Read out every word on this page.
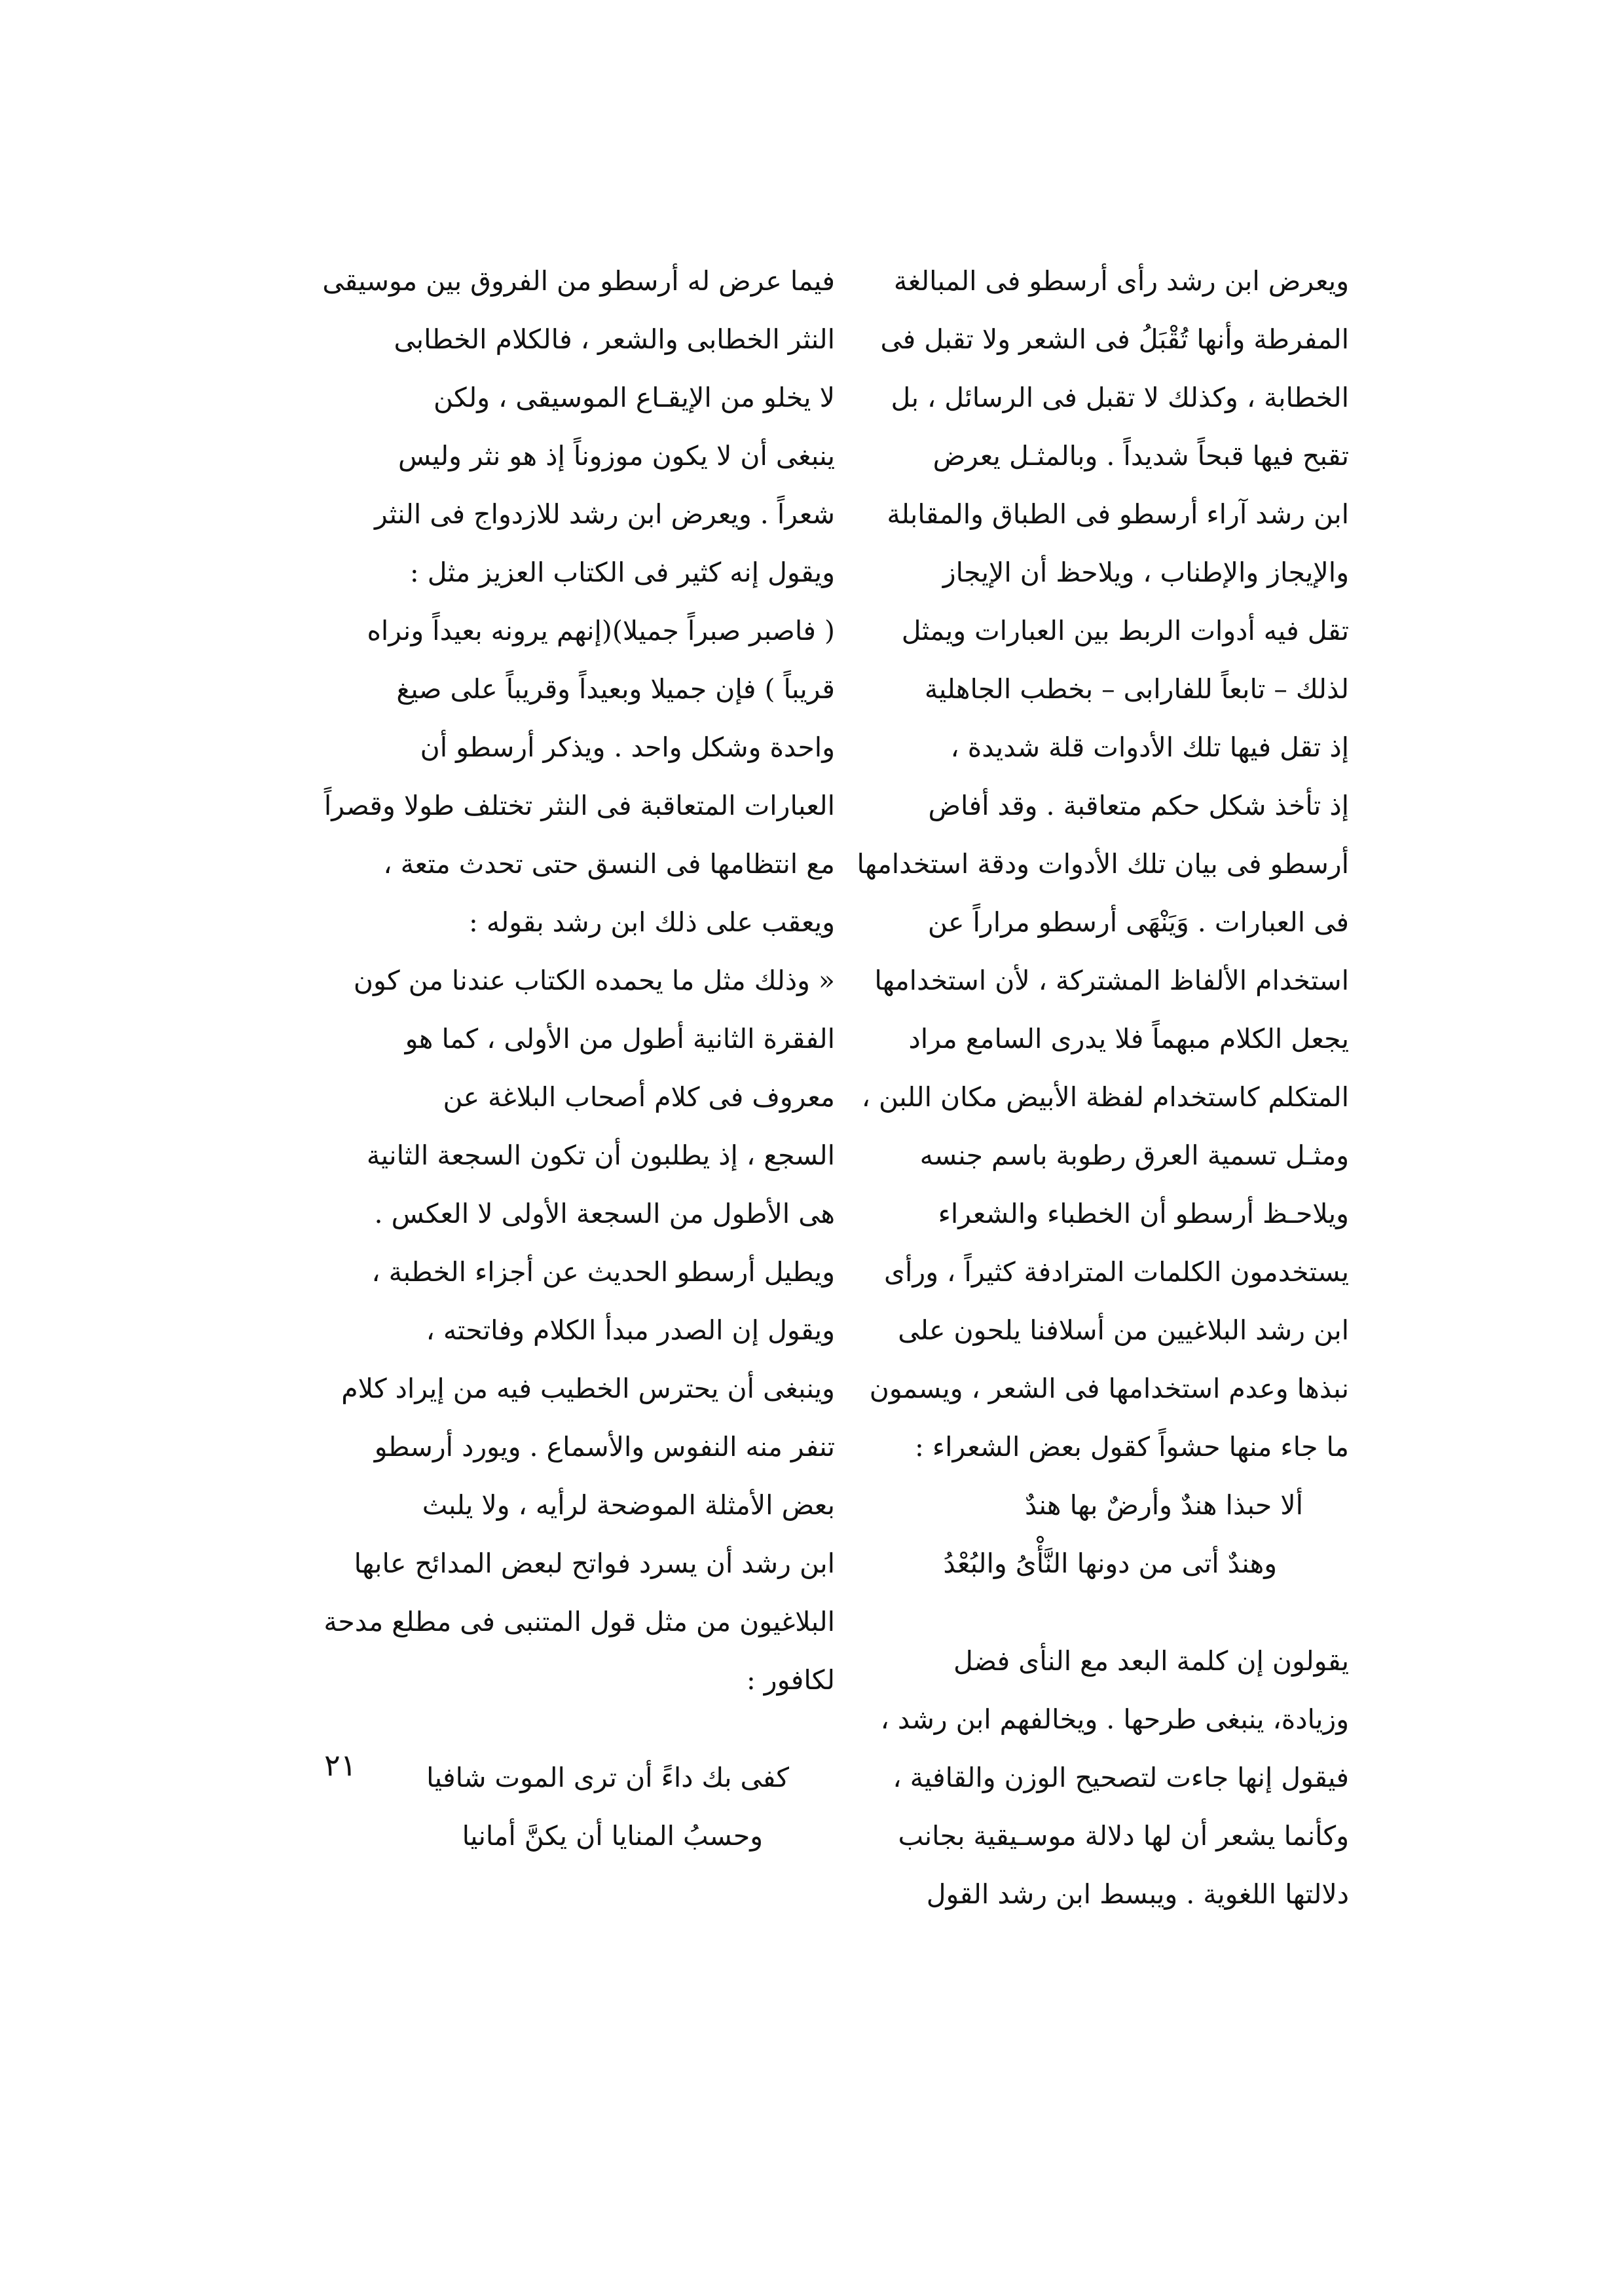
ويعرض ابن رشد رأى أرسطو فى المبالغة
المفرطة وأنها تُقْبَلُ فى الشعر ولا تقبل فى
الخطابة ، وكذلك لا تقبل فى الرسائل ، بل
تقبح فيها قبحاً شديداً . وبالمثـل يعرض
ابن رشد آراء أرسطو فى الطباق والمقابلة
والإيجاز والإطناب ، ويلاحظ أن الإيجاز
تقل فيه أدوات الربط بين العبارات ويمثل
لذلك – تابعاً للفارابى – بخطب الجاهلية
إذ تقل فيها تلك الأدوات قلة شديدة ،
إذ تأخذ شكل حكم متعاقبة . وقد أفاض
أرسطو فى بيان تلك الأدوات ودقة استخدامها
فى العبارات . وَيَنْهَى أرسطو مراراً عن
استخدام الألفاظ المشتركة ، لأن استخدامها
يجعل الكلام مبهماً فلا يدرى السامع مراد
المتكلم كاستخدام لفظة الأبيض مكان اللبن ،
ومثـل تسمية العرق رطوبة باسم جنسه
ويلاحـظ أرسطو أن الخطباء والشعراء
يستخدمون الكلمات المترادفة كثيراً ، ورأى
ابن رشد البلاغيين من أسلافنا يلحون على
نبذها وعدم استخدامها فى الشعر ، ويسمون
ما جاء منها حشواً كقول بعض الشعراء :
ألا حبذا هندٌ وأرضٌ بها هندٌ
وهندٌ أتى من دونها النَّأْىُ والبُعْدُ
يقولون إن كلمة البعد مع النأى فضل
وزيادة، ينبغى طرحها . ويخالفهم ابن رشد ،
فيقول إنها جاءت لتصحيح الوزن والقافية ،
وكأنما يشعر أن لها دلالة موسـيقية بجانب
دلالتها اللغوية . ويبسط ابن رشد القول
فيما عرض له أرسطو من الفروق بين موسيقى
النثر الخطابى والشعر ، فالكلام الخطابى
لا يخلو من الإيقـاع الموسيقى ، ولكن
ينبغى أن لا يكون موزوناً إذ هو نثر وليس
شعراً . ويعرض ابن رشد للازدواج فى النثر
ويقول إنه كثير فى الكتاب العزيز مثل :
( فاصبر صبراً جميلا)(إنهم يرونه بعيداً ونراه
قريباً ) فإن جميلا وبعيداً وقريباً على صيغ
واحدة وشكل واحد . ويذكر أرسطو أن
العبارات المتعاقبة فى النثر تختلف طولا وقصراً
مع انتظامها فى النسق حتى تحدث متعة ،
ويعقب على ذلك ابن رشد بقوله :
« وذلك مثل ما يحمده الكتاب عندنا من كون
الفقرة الثانية أطول من الأولى ، كما هو
معروف فى كلام أصحاب البلاغة عن
السجع ، إذ يطلبون أن تكون السجعة الثانية
هى الأطول من السجعة الأولى لا العكس .
ويطيل أرسطو الحديث عن أجزاء الخطبة ،
ويقول إن الصدر مبدأ الكلام وفاتحته ،
وينبغى أن يحترس الخطيب فيه من إيراد كلام
تنفر منه النفوس والأسماع . ويورد أرسطو
بعض الأمثلة الموضحة لرأيه ، ولا يلبث
ابن رشد أن يسرد فواتح لبعض المدائح عابها
البلاغيون من مثل قول المتنبى فى مطلع مدحة
لكافور :
كفى بك داءً أن ترى الموت شافيا
وحسبُ المنايا أن يكنَّ أمانيا
٢١
